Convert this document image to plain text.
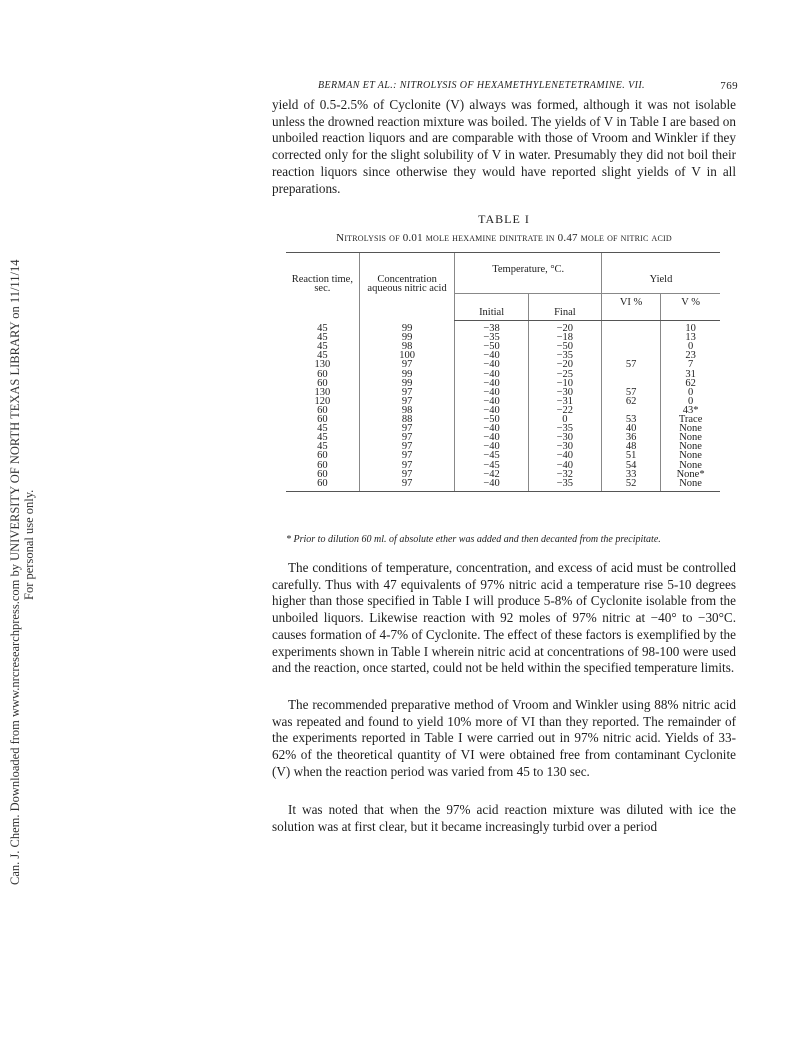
Can. J. Chem. Downloaded from www.nrcresearchpress.com by UNIVERSITY OF NORTH TEXAS LIBRARY on 11/11/14 For personal use only.
BERMAN ET AL.: NITROLYSIS OF HEXAMETHYLENETETRAMINE. VII.	769

yield of 0.5-2.5% of Cyclonite (V) always was formed, although it was not isolable unless the drowned reaction mixture was boiled. The yields of V in Table I are based on unboiled reaction liquors and are comparable with those of Vroom and Winkler if they corrected only for the slight solubility of V in water. Presumably they did not boil their reaction liquors since otherwise they would have reported slight yields of V in all preparations.

TABLE I
Nitrolysis of 0.01 mole hexamine dinitrate in 0.47 mole of nitric acid
Reaction time, sec.	Concentration aqueous nitric acid	Temperature, °C.		Yield	
		Initial	Final	VI %	V %
45	99	−38	−20		10
45	99	−35	−18		13
45	98	−50	−50		0
45	100	−40	−35		23
130	97	−40	−20	57	7
60	99	−40	−25		31
60	99	−40	−10		62
130	97	−40	−30	57	0
120	97	−40	−31	62	0
60	98	−40	−22		43*
60	88	−50	0	53	Trace
45	97	−40	−35	40	None
45	97	−40	−30	36	None
45	97	−40	−30	48	None
60	97	−45	−40	51	None
60	97	−45	−40	54	None
60	97	−42	−32	33	None*
60	97	−40	−35	52	None
* Prior to dilution 60 ml. of absolute ether was added and then decanted from the precipitate.

The conditions of temperature, concentration, and excess of acid must be controlled carefully. Thus with 47 equivalents of 97% nitric acid a temperature rise 5-10 degrees higher than those specified in Table I will produce 5-8% of Cyclonite isolable from the unboiled liquors. Likewise reaction with 92 moles of 97% nitric at −40° to −30°C. causes formation of 4-7% of Cyclonite. The effect of these factors is exemplified by the experiments shown in Table I wherein nitric acid at concentrations of 98-100 were used and the reaction, once started, could not be held within the specified temperature limits.

The recommended preparative method of Vroom and Winkler using 88% nitric acid was repeated and found to yield 10% more of VI than they reported. The remainder of the experiments reported in Table I were carried out in 97% nitric acid. Yields of 33-62% of the theoretical quantity of VI were obtained free from contaminant Cyclonite (V) when the reaction period was varied from 45 to 130 sec.

It was noted that when the 97% acid reaction mixture was diluted with ice the solution was at first clear, but it became increasingly turbid over a period
